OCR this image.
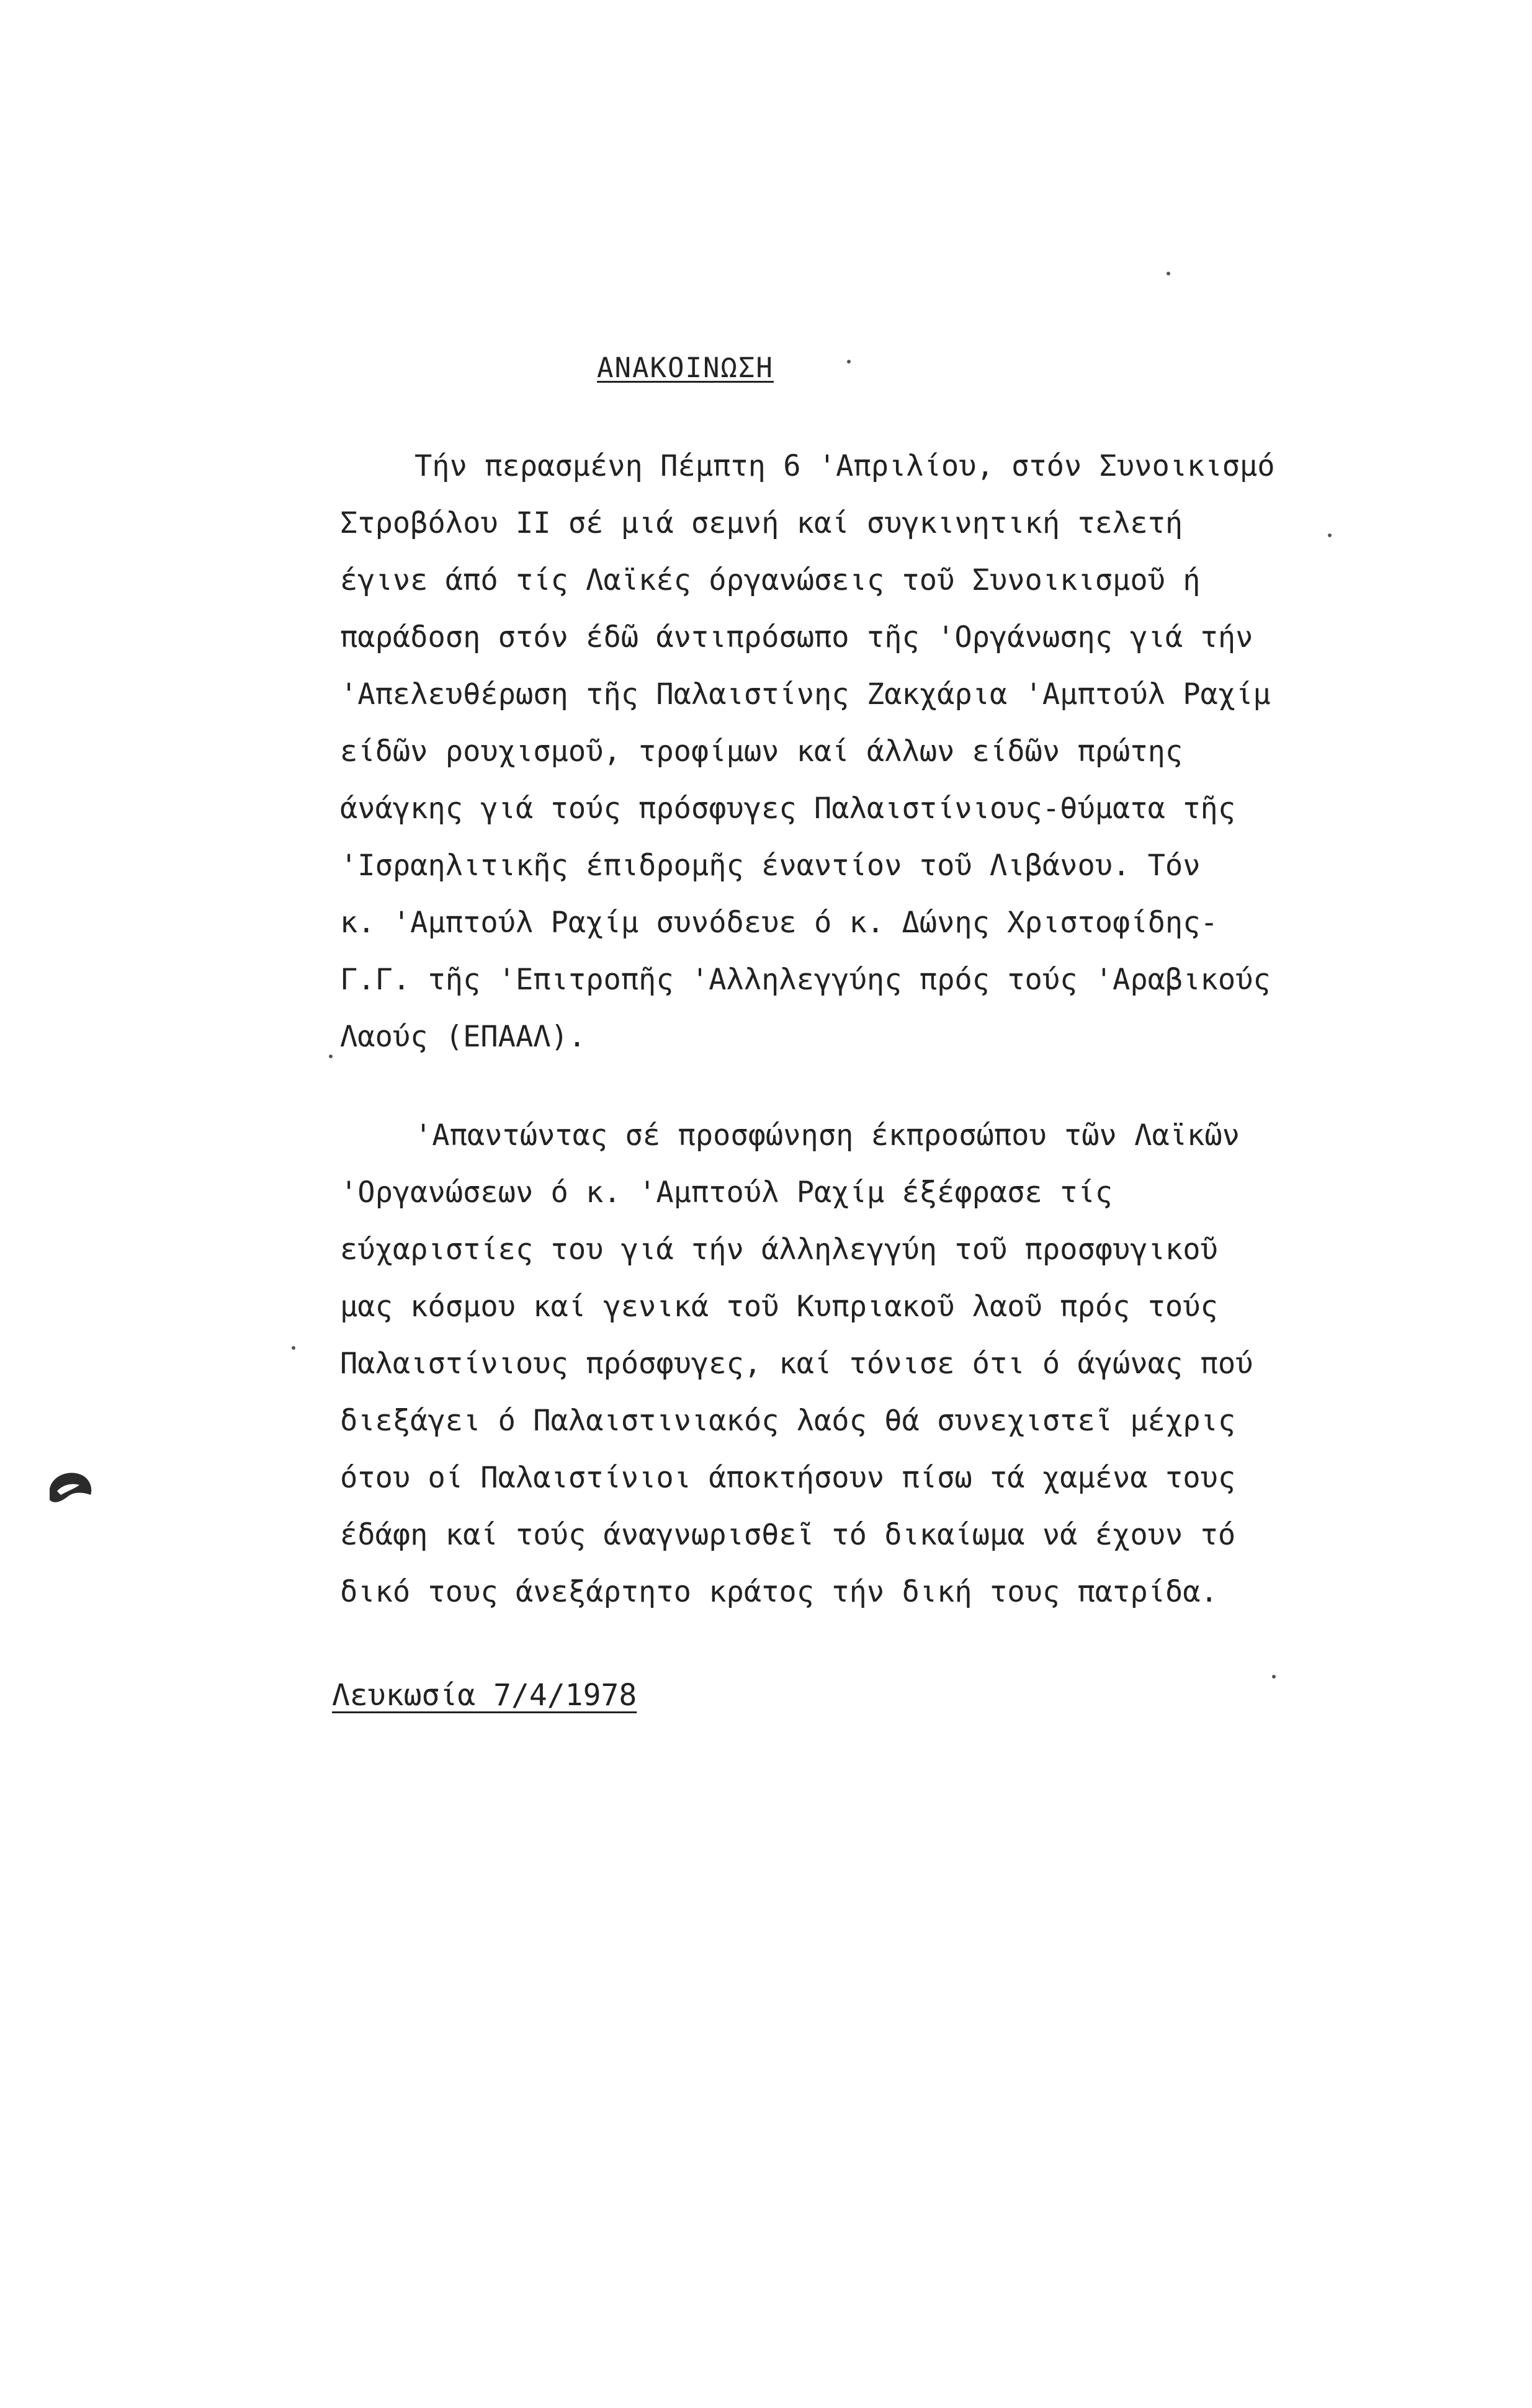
ΑΝΑΚΟΙΝΩΣΗ
Τήν περασμένη Πέμπτη 6 'Απριλίου, στόν Συνοικισμό
Στροβόλου ΙΙ σέ μιά σεμνή καί συγκινητική τελετή
έγινε άπό τίς Λαϊκές όργανώσεις τοῦ Συνοικισμοῦ ή
παράδοση στόν έδῶ άντιπρόσωπο τῆς 'Οργάνωσης γιά τήν
'Απελευθέρωση τῆς Παλαιστίνης Ζακχάρια 'Αμπτούλ Ραχίμ
είδῶν ρουχισμοῦ, τροφίμων καί άλλων είδῶν πρώτης
άνάγκης γιά τούς πρόσφυγες Παλαιστίνιους-θύματα τῆς
'Ισραηλιτικῆς έπιδρομῆς έναντίον τοῦ Λιβάνου. Τόν
κ. 'Αμπτούλ Ραχίμ συνόδευε ό κ. Δώνης Χριστοφίδης-
Γ.Γ. τῆς 'Επιτροπῆς 'Αλληλεγγύης πρός τούς 'Αραβικούς
Λαούς (ΕΠΑΑΛ).
'Απαντώντας σέ προσφώνηση έκπροσώπου τῶν Λαϊκῶν
'Οργανώσεων ό κ. 'Αμπτούλ Ραχίμ έξέφρασε τίς
εύχαριστίες του γιά τήν άλληλεγγύη τοῦ προσφυγικοῦ
μας κόσμου καί γενικά τοῦ Κυπριακοῦ λαοῦ πρός τούς
Παλαιστίνιους πρόσφυγες, καί τόνισε ότι ό άγώνας πού
διεξάγει ό Παλαιστινιακός λαός θά συνεχιστεῖ μέχρις
ότου οί Παλαιστίνιοι άποκτήσουν πίσω τά χαμένα τους
έδάφη καί τούς άναγνωρισθεῖ τό δικαίωμα νά έχουν τό
δικό τους άνεξάρτητο κράτος τήν δική τους πατρίδα.
Λευκωσία 7/4/1978
